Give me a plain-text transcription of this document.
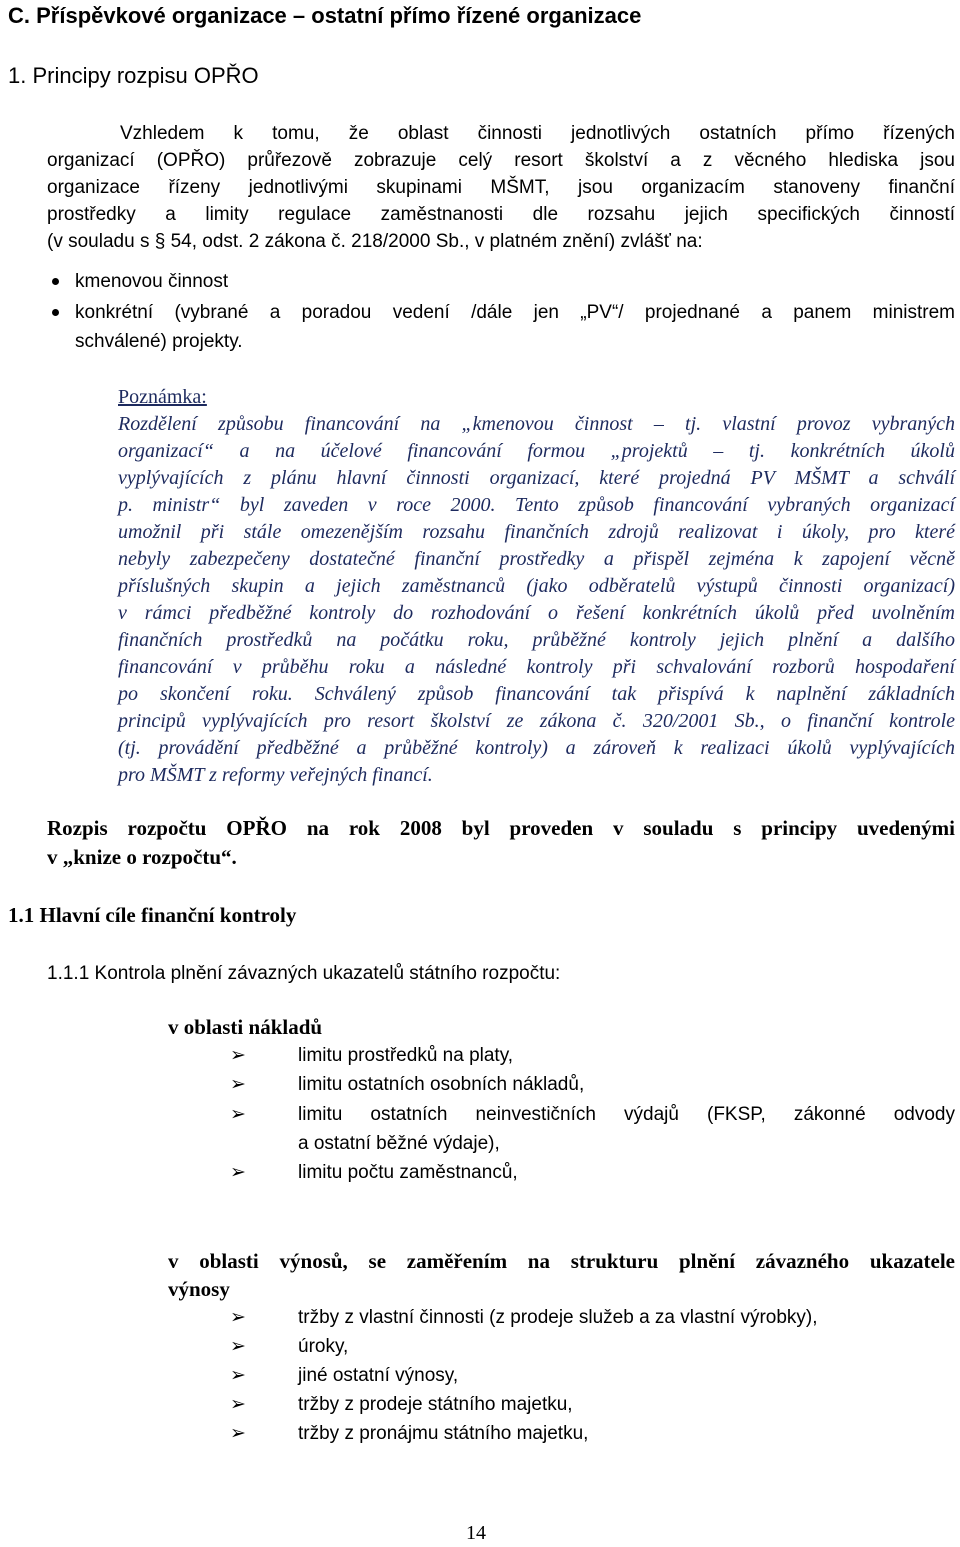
C. Příspěvkové organizace – ostatní přímo řízené organizace
1. Principy rozpisu OPŘO
Vzhledem k tomu, že oblast činnosti jednotlivých ostatních přímo řízených
organizací (OPŘO) průřezově zobrazuje celý resort školství a z věcného hlediska jsou
organizace řízeny jednotlivými skupinami MŠMT, jsou organizacím stanoveny finanční
prostředky a limity regulace zaměstnanosti dle rozsahu jejich specifických činností
(v souladu s § 54, odst. 2 zákona č. 218/2000 Sb., v platném znění) zvlášť na:
kmenovou činnost
konkrétní (vybrané a poradou vedení /dále jen „PV“/ projednané a panem ministrem
schválené) projekty.
Poznámka:
Rozdělení způsobu financování na „kmenovou činnost – tj. vlastní provoz vybraných
organizací“ a na účelové financování formou „projektů – tj. konkrétních úkolů
vyplývajících z plánu hlavní činnosti organizací, které projedná PV MŠMT a schválí
p. ministr“ byl zaveden v roce 2000. Tento způsob financování vybraných organizací
umožnil při stále omezenějším rozsahu finančních zdrojů realizovat i úkoly, pro které
nebyly zabezpečeny dostatečné finanční prostředky a přispěl zejména k zapojení věcně
příslušných skupin a jejich zaměstnanců (jako odběratelů výstupů činnosti organizací)
v rámci předběžné kontroly do rozhodování o řešení konkrétních úkolů před uvolněním
finančních prostředků na počátku roku, průběžné kontroly jejich plnění a dalšího
financování v průběhu roku a následné kontroly při schvalování rozborů hospodaření
po skončení roku. Schválený způsob financování tak přispívá k naplnění základních
principů vyplývajících pro resort školství ze zákona č. 320/2001 Sb., o finanční kontrole
(tj. provádění předběžné a průběžné kontroly) a zároveň k realizaci úkolů vyplývajících
pro MŠMT z reformy veřejných financí.
Rozpis rozpočtu OPŘO na rok 2008 byl proveden v souladu s principy uvedenými
v „knize o rozpočtu“.
1.1 Hlavní cíle finanční kontroly
1.1.1 Kontrola plnění závazných ukazatelů státního rozpočtu:
v oblasti nákladů
➢	limitu prostředků na platy,
➢	limitu ostatních osobních nákladů,
➢	limitu ostatních neinvestičních výdajů (FKSP, zákonné odvody
a ostatní běžné výdaje),
➢	limitu počtu zaměstnanců,
v oblasti výnosů, se zaměřením na strukturu plnění závazného ukazatele
výnosy
➢	tržby z vlastní činnosti (z prodeje služeb a za vlastní výrobky),
➢	úroky,
➢	jiné ostatní výnosy,
➢	tržby z prodeje státního majetku,
➢	tržby z pronájmu státního majetku,
14
